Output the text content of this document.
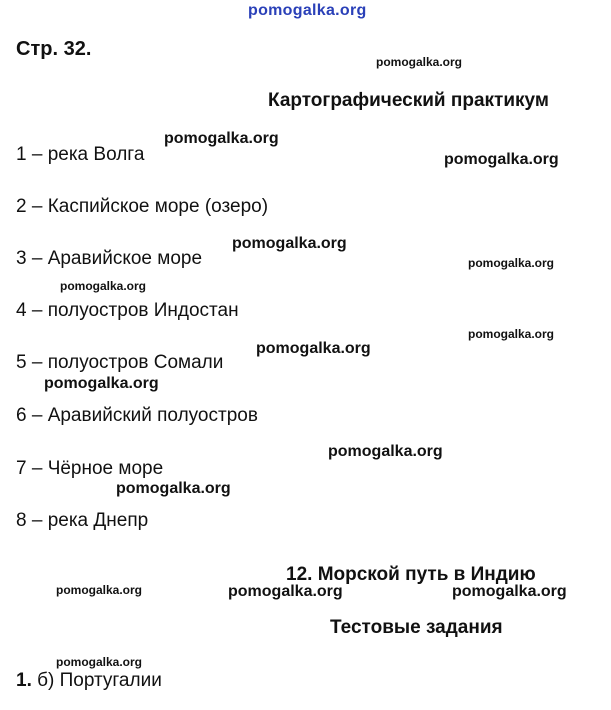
pomogalka.org
Стр. 32.
pomogalka.org
Картографический практикум
1 – река Волга
pomogalka.org
pomogalka.org
2 – Каспийское море (озеро)
3 – Аравийское море
pomogalka.org
pomogalka.org
pomogalka.org
4 – полуостров Индостан
pomogalka.org
5 – полуостров Сомали
pomogalka.org
pomogalka.org
6 – Аравийский полуостров
pomogalka.org
7 – Чёрное море
pomogalka.org
8 – река Днепр
12. Морской путь в Индию
pomogalka.org	pomogalka.org	pomogalka.org
Тестовые задания
pomogalka.org
1. б) Португалии
